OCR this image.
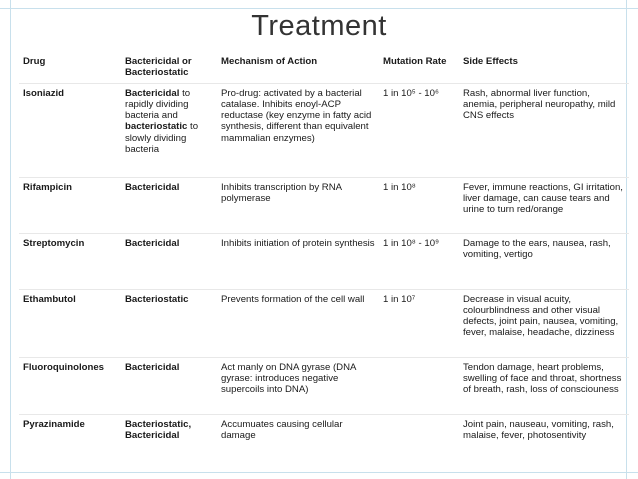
Treatment
Drug	Bactericidal or Bacteriostatic	Mechanism of Action	Mutation Rate	Side Effects
Isoniazid	Bactericidal to rapidly dividing bacteria and bacteriostatic to slowly dividing bacteria	Pro-drug: activated by a bacterial catalase. Inhibits enoyl-ACP reductase (key enzyme in fatty acid synthesis, different than equivalent mammalian enzymes)	1 in 10⁵ - 10⁶	Rash, abnormal liver function, anemia, peripheral neuropathy, mild CNS effects
Rifampicin	Bactericidal	Inhibits transcription by RNA polymerase	1 in 10⁸	Fever, immune reactions, GI irritation, liver damage, can cause tears and urine to turn red/orange
Streptomycin	Bactericidal	Inhibits initiation of protein synthesis	1 in 10⁸ - 10⁹	Damage to the ears, nausea, rash, vomiting, vertigo
Ethambutol	Bacteriostatic	Prevents formation of the cell wall	1 in 10⁷	Decrease in visual acuity, colourblindness and other visual defects, joint pain, nausea, vomiting, fever, malaise, headache, dizziness
Fluoroquinolones	Bactericidal	Act manly on DNA gyrase (DNA gyrase: introduces negative supercoils into DNA)		Tendon damage, heart problems, swelling of face and throat, shortness of breath, rash, loss of consciouness
Pyrazinamide	Bacteriostatic, Bactericidal	Accumuates causing cellular damage		Joint pain, nauseau, vomiting, rash, malaise, fever, photosentivity
